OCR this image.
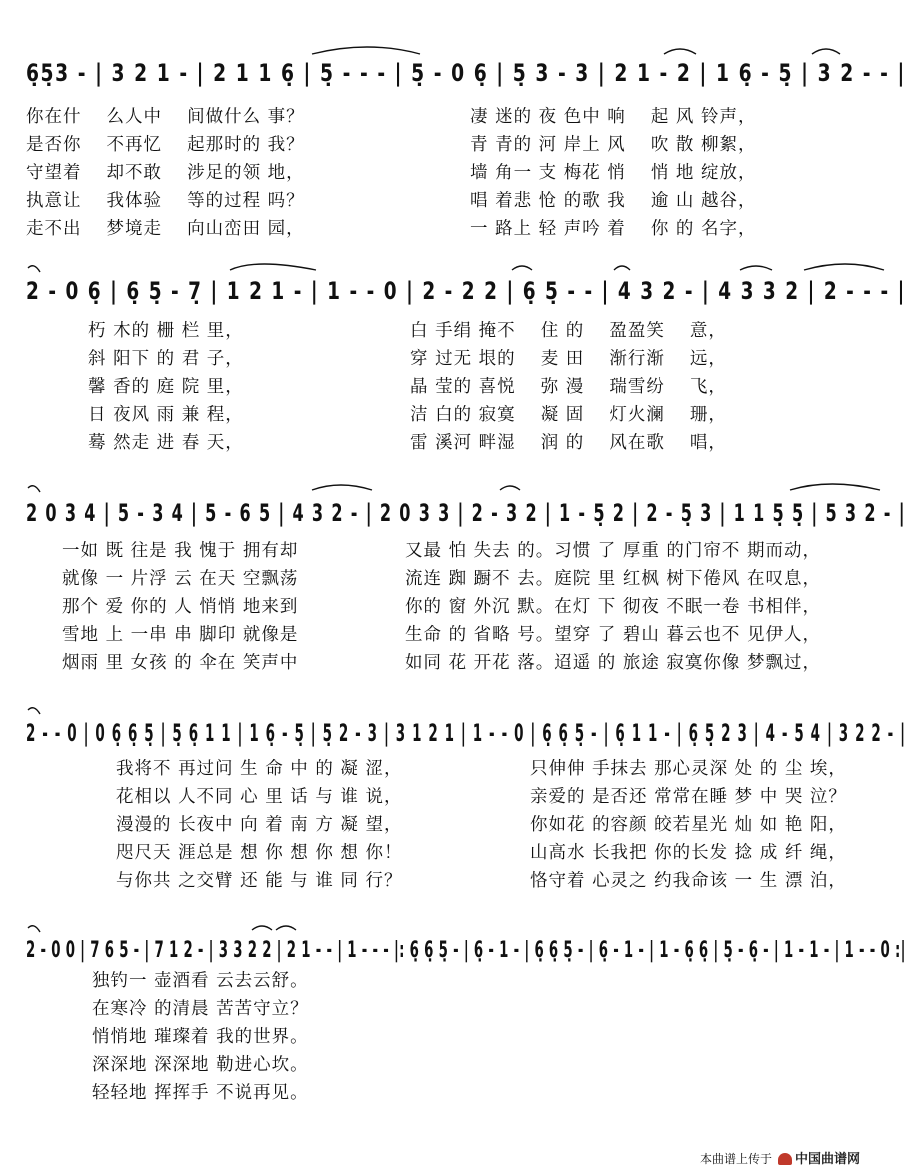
6̣5̣3 - | 3 2 1 - | 2 1 1 6̣ | 5̣ - - - | 5̣ - 0 6̣ | 5̣ 3 - 3 | 2 1 - 2 | 1 6̣ - 5̣ | 3 2 - - |
你在什　 么人中　 间做什么 事？
是否你　 不再忆　 起那时的 我？
守望着　 却不敢　 涉足的领 地，
执意让　 我体验　 等的过程 吗？
走不出　 梦境走　 向山峦田 园，
凄 迷的 夜 色中 响 　起 风 铃声，
青 青的 河 岸上 风 　吹 散 柳絮，
墙 角一 支 梅花 悄 　悄 地 绽放，
唱 着悲 怆 的歌 我 　逾 山 越谷，
一 路上 轻 声吟 着 　你 的 名字，
2 - 0 6̣ | 6̣ 5̣ - 7̣ | 1 2 1 - | 1 - - 0 | 2 - 2 2 | 6̣ 5̣ - - | 4 3 2 - | 4 3 3 2 | 2 - - - |
朽 木的 栅 栏 里，
斜 阳下 的 君 子，
馨 香的 庭 院 里，
日 夜风 雨 兼 程，
蓦 然走 进 春 天，
白 手绢 掩不 　住 的 　盈盈笑 　意，
穿 过无 垠的 　麦 田 　渐行渐 　远，
晶 莹的 喜悦 　弥 漫 　瑞雪纷 　飞，
洁 白的 寂寞 　凝 固 　灯火澜 　珊，
雷 溪河 畔湿 　润 的 　风在歌 　唱，
2 0 3 4 | 5 - 3 4 | 5 - 6 5 | 4 3 2 - | 2 0 3 3 | 2 - 3 2 | 1 - 5̣ 2 | 2 - 5̣ 3 | 1 1 5̣ 5̣ | 5 3 2 - |
一如 既 往是 我 愧于 拥有却
就像 一 片浮 云 在天 空飘荡
那个 爱 你的 人 悄悄 地来到
雪地 上 一串 串 脚印 就像是
烟雨 里 女孩 的 伞在 笑声中
又最 怕 失去 的。习惯 了 厚重 的门帘不 期而动，
流连 踟 蹰不 去。庭院 里 红枫 树下倦风 在叹息，
你的 窗 外沉 默。在灯 下 彻夜 不眠一卷 书相伴，
生命 的 省略 号。望穿 了 碧山 暮云也不 见伊人，
如同 花 开花 落。迢遥 的 旅途 寂寞你像 梦飘过，
2 - - 0 | 0 6̣ 6̣ 5̣ | 5̣ 6̣ 1 1 | 1 6̣ - 5̣ | 5̣ 2 - 3 | 3 1 2 1 | 1 - - 0 | 6̣ 6̣ 5̣ - | 6̣ 1 1 - | 6̣ 5̣ 2 3 | 4 - 5 4 | 3 2 2 - |
我将不 再过问 生 命 中 的 凝 涩，
花相以 人不同 心 里 话 与 谁 说，
漫漫的 长夜中 向 着 南 方 凝 望，
咫尺天 涯总是 想 你 想 你 想 你！
与你共 之交臂 还 能 与 谁 同 行？
只伸伸 手抹去 那心灵深 处 的 尘 埃，
亲爱的 是否还 常常在睡 梦 中 哭 泣？
你如花 的容颜 皎若星光 灿 如 艳 阳，
山高水 长我把 你的长发 捻 成 纤 绳，
恪守着 心灵之 约我命该 一 生 漂 泊，
2 - 0 0 | 7 6 5 - | 7 1 2 - | 3 3 2 2 | 2 1 - - | 1 - - - |: 6̣ 6̣ 5̣ - | 6̣ - 1 - | 6̣ 6̣ 5̣ - | 6̣ - 1 - | 1 - 6̣ 6̣ | 5̣ - 6̣ - | 1 - 1 - | 1 - - 0 :|
独钓一 壶酒看 云去云舒。
在寒冷 的清晨 苦苦守立？
悄悄地 璀璨着 我的世界。
深深地 深深地 勒进心坎。
轻轻地 挥挥手 不说再见。
本曲谱上传于 中国曲谱网
